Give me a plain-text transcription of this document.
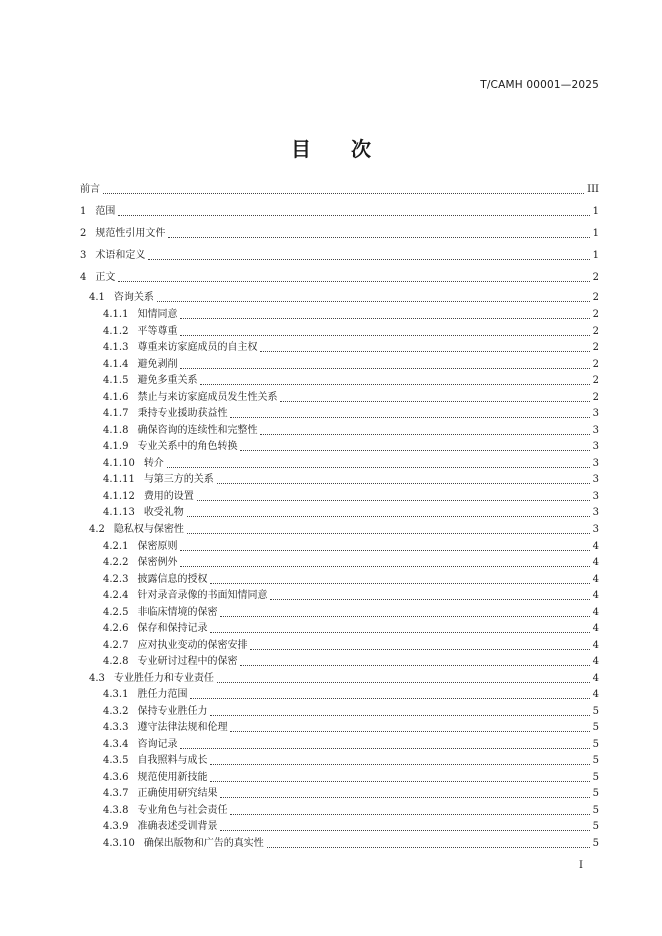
T/CAMH 00001—2025
目 次
前言	III
1 范围	1
2 规范性引用文件	1
3 术语和定义	1
4 正文	2
4.1 咨询关系	2
4.1.1 知情同意	2
4.1.2 平等尊重	2
4.1.3 尊重来访家庭成员的自主权	2
4.1.4 避免剥削	2
4.1.5 避免多重关系	2
4.1.6 禁止与来访家庭成员发生性关系	2
4.1.7 秉持专业援助获益性	3
4.1.8 确保咨询的连续性和完整性	3
4.1.9 专业关系中的角色转换	3
4.1.10 转介	3
4.1.11 与第三方的关系	3
4.1.12 费用的设置	3
4.1.13 收受礼物	3
4.2 隐私权与保密性	3
4.2.1 保密原则	4
4.2.2 保密例外	4
4.2.3 披露信息的授权	4
4.2.4 针对录音录像的书面知情同意	4
4.2.5 非临床情境的保密	4
4.2.6 保存和保持记录	4
4.2.7 应对执业变动的保密安排	4
4.2.8 专业研讨过程中的保密	4
4.3 专业胜任力和专业责任	4
4.3.1 胜任力范围	4
4.3.2 保持专业胜任力	5
4.3.3 遵守法律法规和伦理	5
4.3.4 咨询记录	5
4.3.5 自我照料与成长	5
4.3.6 规范使用新技能	5
4.3.7 正确使用研究结果	5
4.3.8 专业角色与社会责任	5
4.3.9 准确表述受训背景	5
4.3.10 确保出版物和广告的真实性	5
I
